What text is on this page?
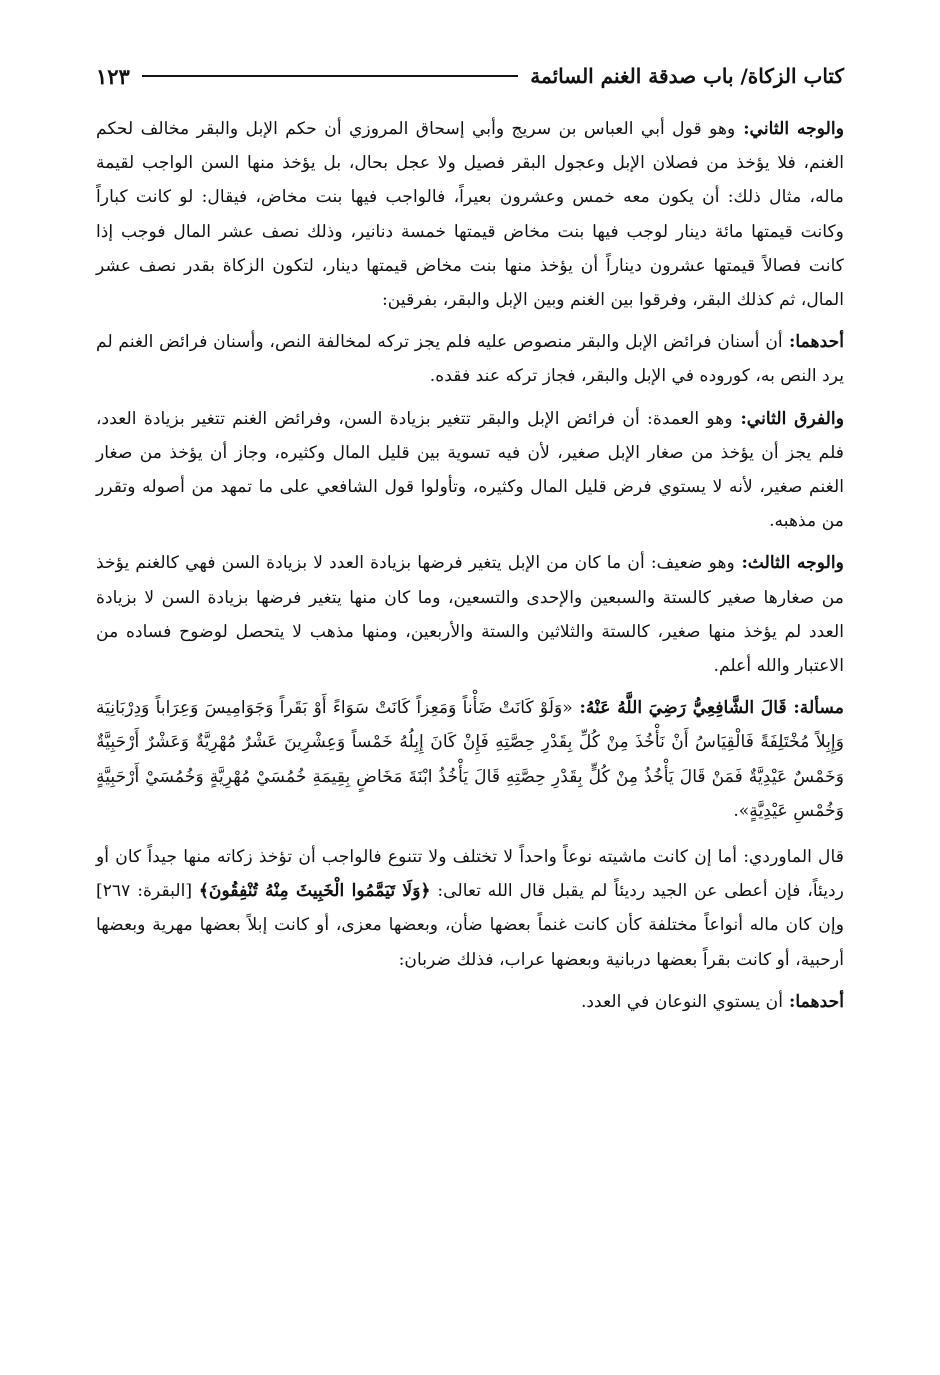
كتاب الزكاة/ باب صدقة الغنم السائمة
١٢٣

والوجه الثاني: وهو قول أبي العباس بن سريج وأبي إسحاق المروزي أن حكم الإبل والبقر مخالف لحكم الغنم، فلا يؤخذ من فصلان الإبل وعجول البقر فصيل ولا عجل بحال، بل يؤخذ منها السن الواجب لقيمة ماله، مثال ذلك: أن يكون معه خمس وعشرون بعيراً، فالواجب فيها بنت مخاض، فيقال: لو كانت كباراً وكانت قيمتها مائة دينار لوجب فيها بنت مخاض قيمتها خمسة دنانير، وذلك نصف عشر المال فوجب إذا كانت فصالاً قيمتها عشرون ديناراً أن يؤخذ منها بنت مخاض قيمتها دينار، لتكون الزكاة بقدر نصف عشر المال، ثم كذلك البقر، وفرقوا بين الغنم وبين الإبل والبقر، بفرقين:

أحدهما: أن أسنان فرائض الإبل والبقر منصوص عليه فلم يجز تركه لمخالفة النص، وأسنان فرائض الغنم لم يرد النص به، كوروده في الإبل والبقر، فجاز تركه عند فقده.

والفرق الثاني: وهو العمدة: أن فرائض الإبل والبقر تتغير بزيادة السن، وفرائض الغنم تتغير بزيادة العدد، فلم يجز أن يؤخذ من صغار الإبل صغير، لأن فيه تسوية بين قليل المال وكثيره، وجاز أن يؤخذ من صغار الغنم صغير، لأنه لا يستوي فرض قليل المال وكثيره، وتأولوا قول الشافعي على ما تمهد من أصوله وتقرر من مذهبه.

والوجه الثالث: وهو ضعيف: أن ما كان من الإبل يتغير فرضها بزيادة العدد لا بزيادة السن فهي كالغنم يؤخذ من صغارها صغير كالستة والسبعين والإحدى والتسعين، وما كان منها يتغير فرضها بزيادة السن لا بزيادة العدد لم يؤخذ منها صغير، كالستة والثلاثين والستة والأربعين، ومنها مذهب لا يتحصل لوضوح فساده من الاعتبار والله أعلم.

مسألة: قَالَ الشَّافِعِيُّ رَضِيَ اللَّهُ عَنْهُ: «وَلَوْ كَانَتْ ضَأْناً وَمَعِزاً كَانَتْ سَوَاءً أَوْ بَقَراً وَجَوَامِيسَ وَعِرَاباً وَدِرْبَانِيَة وَإِبِلاً مُخْتَلِفَةً فَالْقِيَاسُ أَنْ نَأْخُذَ مِنْ كُلِّ بِقَدْرِ حِصَّتِهِ فَإِنْ كَانَ إِبِلُهُ خَمْساً وَعِشْرِينَ عَشْرٌ مُهْرِيَّةٌ وَعَشْرٌ أَرْحَبِيَّةٌ وَخَمْسٌ عَيْدِيَّةٌ فَمَنْ قَالَ يَأْخُذُ مِنْ كُلٍّ بِقَدْرِ حِصَّتِهِ قَالَ يَأْخُذُ ابْنَةَ مَخَاضٍ بِقِيمَةِ خُمُسَيْ مُهْرِيَّةٍ وَخُمُسَيْ أَرْحَبِيَّةٍ وَخُمْسِ عَيْدِيَّةٍ».

قال الماوردي: أما إن كانت ماشيته نوعاً واحداً لا تختلف ولا تتنوع فالواجب أن تؤخذ زكاته منها جيداً كان أو رديئاً، فإن أعطى عن الجيد رديئاً لم يقبل قال الله تعالى: ﴿وَلَا تَيَمَّمُوا الْخَبِيثَ مِنْهُ تُنْفِقُونَ﴾ [البقرة: ٢٦٧] وإن كان ماله أنواعاً مختلفة كأن كانت غنماً بعضها ضأن، وبعضها معزى، أو كانت إبلاً بعضها مهرية وبعضها أرحبية، أو كانت بقراً بعضها دربانية وبعضها عراب، فذلك ضربان:

أحدهما: أن يستوي النوعان في العدد.
